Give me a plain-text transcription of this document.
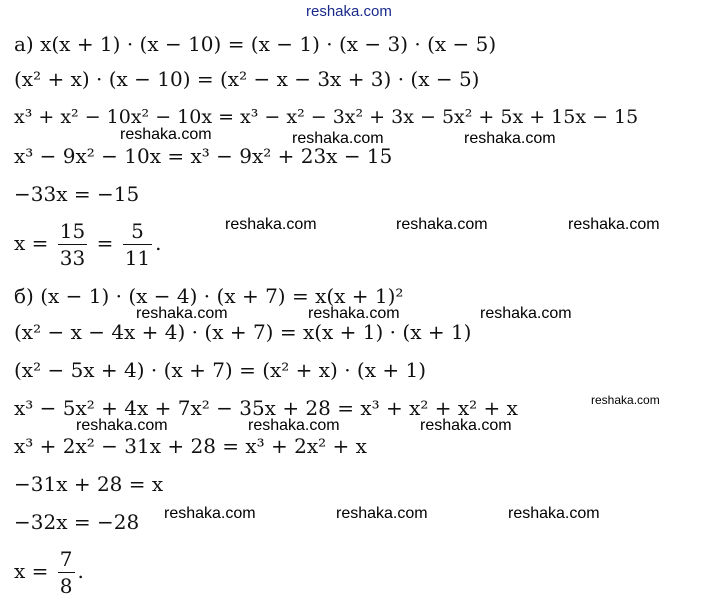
reshaka.com
reshaka.com	reshaka.com	reshaka.com
reshaka.com	reshaka.com	reshaka.com
reshaka.com	reshaka.com	reshaka.com
reshaka.com
reshaka.com	reshaka.com	reshaka.com
reshaka.com	reshaka.com	reshaka.com
а) x(x + 1) · (x − 10) = (x − 1) · (x − 3) · (x − 5)
(x² + x) · (x − 10) = (x² − x − 3x + 3) · (x − 5)
x³ + x² − 10x² − 10x = x³ − x² − 3x² + 3x − 5x² + 5x + 15x − 15
x³ − 9x² − 10x = x³ − 9x² + 23x − 15
−33x = −15
$x = \frac{15}{33} = \frac{5}{11}$ .
б) (x − 1) · (x − 4) · (x + 7) = x(x + 1)²
(x² − x − 4x + 4) · (x + 7) = x(x + 1) · (x + 1)
(x² − 5x + 4) · (x + 7) = (x² + x) · (x + 1)
x³ − 5x² + 4x + 7x² − 35x + 28 = x³ + x² + x² + x
x³ + 2x² − 31x + 28 = x³ + 2x² + x
−31x + 28 = x
−32x = −28
$x = \frac{7}{8}$ .
